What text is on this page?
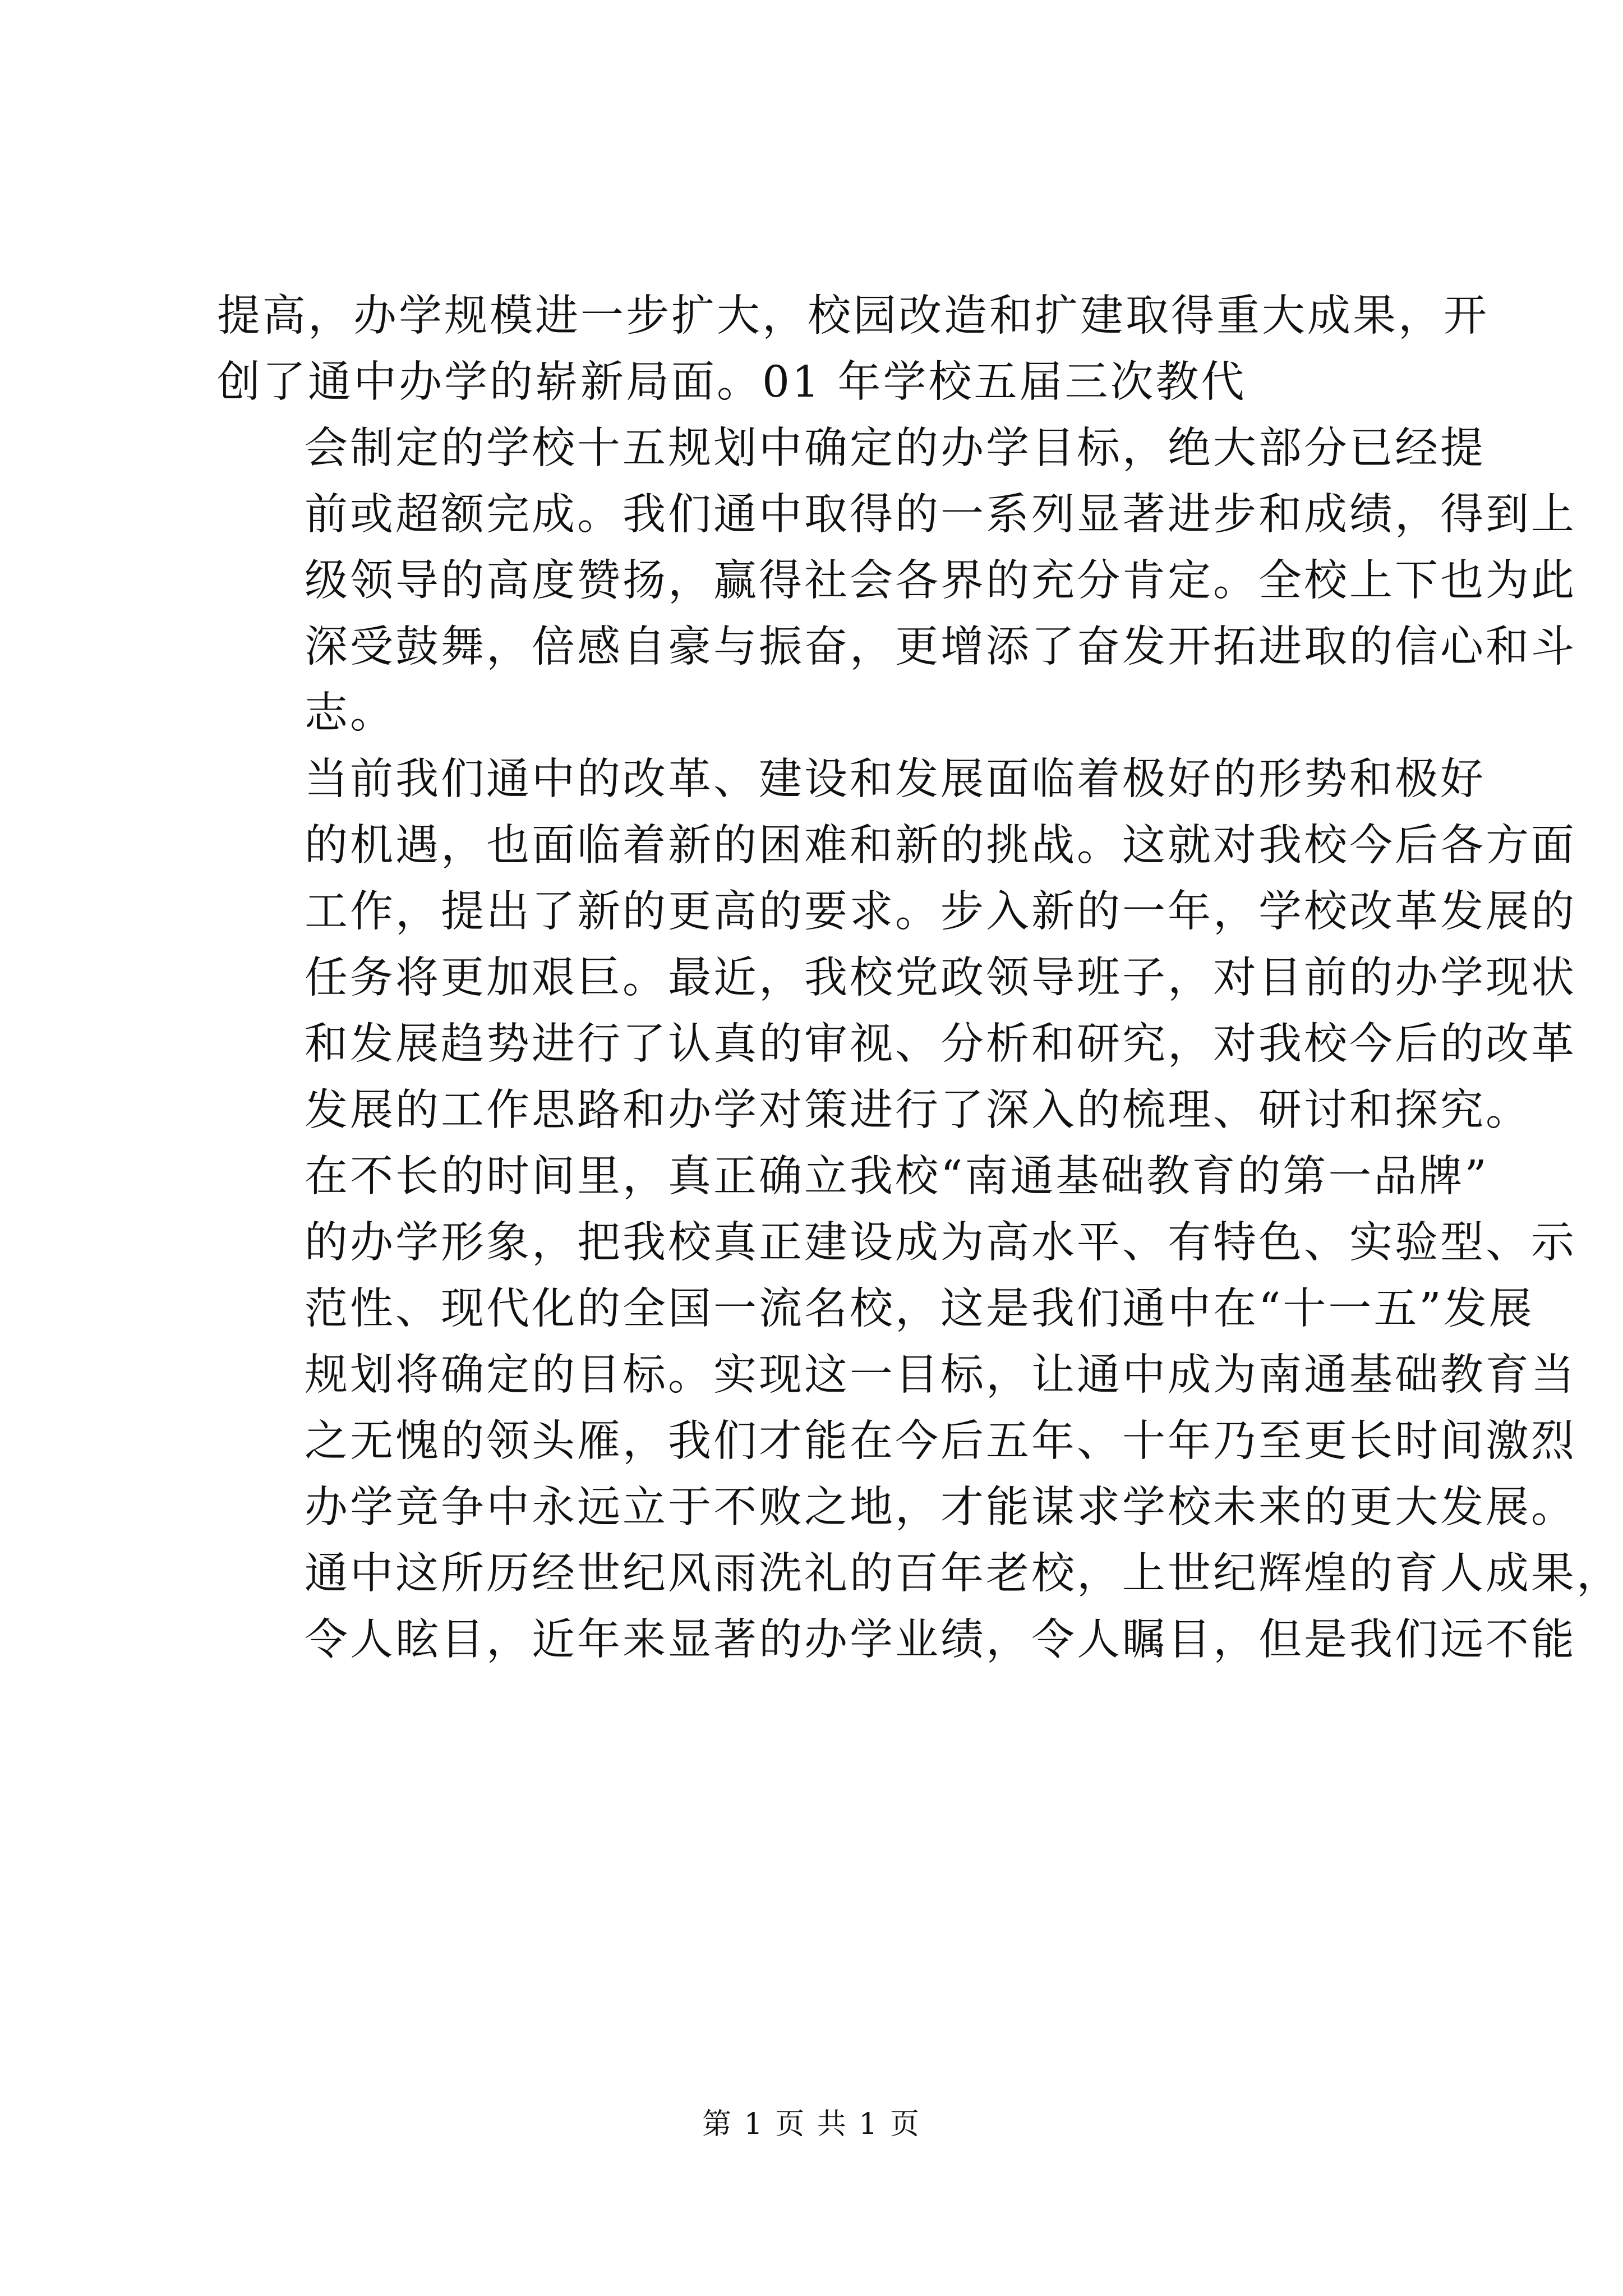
提高，办学规模进一步扩大，校园改造和扩建取得重大成果，开
创了通中办学的崭新局面。01 年学校五届三次教代

会制定的学校十五规划中确定的办学目标，绝大部分已经提
前或超额完成。我们通中取得的一系列显著进步和成绩，得到上
级领导的高度赞扬，赢得社会各界的充分肯定。全校上下也为此
深受鼓舞，倍感自豪与振奋，更增添了奋发开拓进取的信心和斗
志。

当前我们通中的改革、建设和发展面临着极好的形势和极好
的机遇，也面临着新的困难和新的挑战。这就对我校今后各方面
工作，提出了新的更高的要求。步入新的一年，学校改革发展的
任务将更加艰巨。最近，我校党政领导班子，对目前的办学现状
和发展趋势进行了认真的审视、分析和研究，对我校今后的改革
发展的工作思路和办学对策进行了深入的梳理、研讨和探究。

在不长的时间里，真正确立我校“南通基础教育的第一品牌”
的办学形象，把我校真正建设成为高水平、有特色、实验型、示
范性、现代化的全国一流名校，这是我们通中在“十一五”发展
规划将确定的目标。实现这一目标，让通中成为南通基础教育当
之无愧的领头雁，我们才能在今后五年、十年乃至更长时间激烈
办学竞争中永远立于不败之地，才能谋求学校未来的更大发展。
通中这所历经世纪风雨洗礼的百年老校，上世纪辉煌的育人成果，
令人眩目，近年来显著的办学业绩，令人瞩目，但是我们远不能

第 1 页 共 1 页
